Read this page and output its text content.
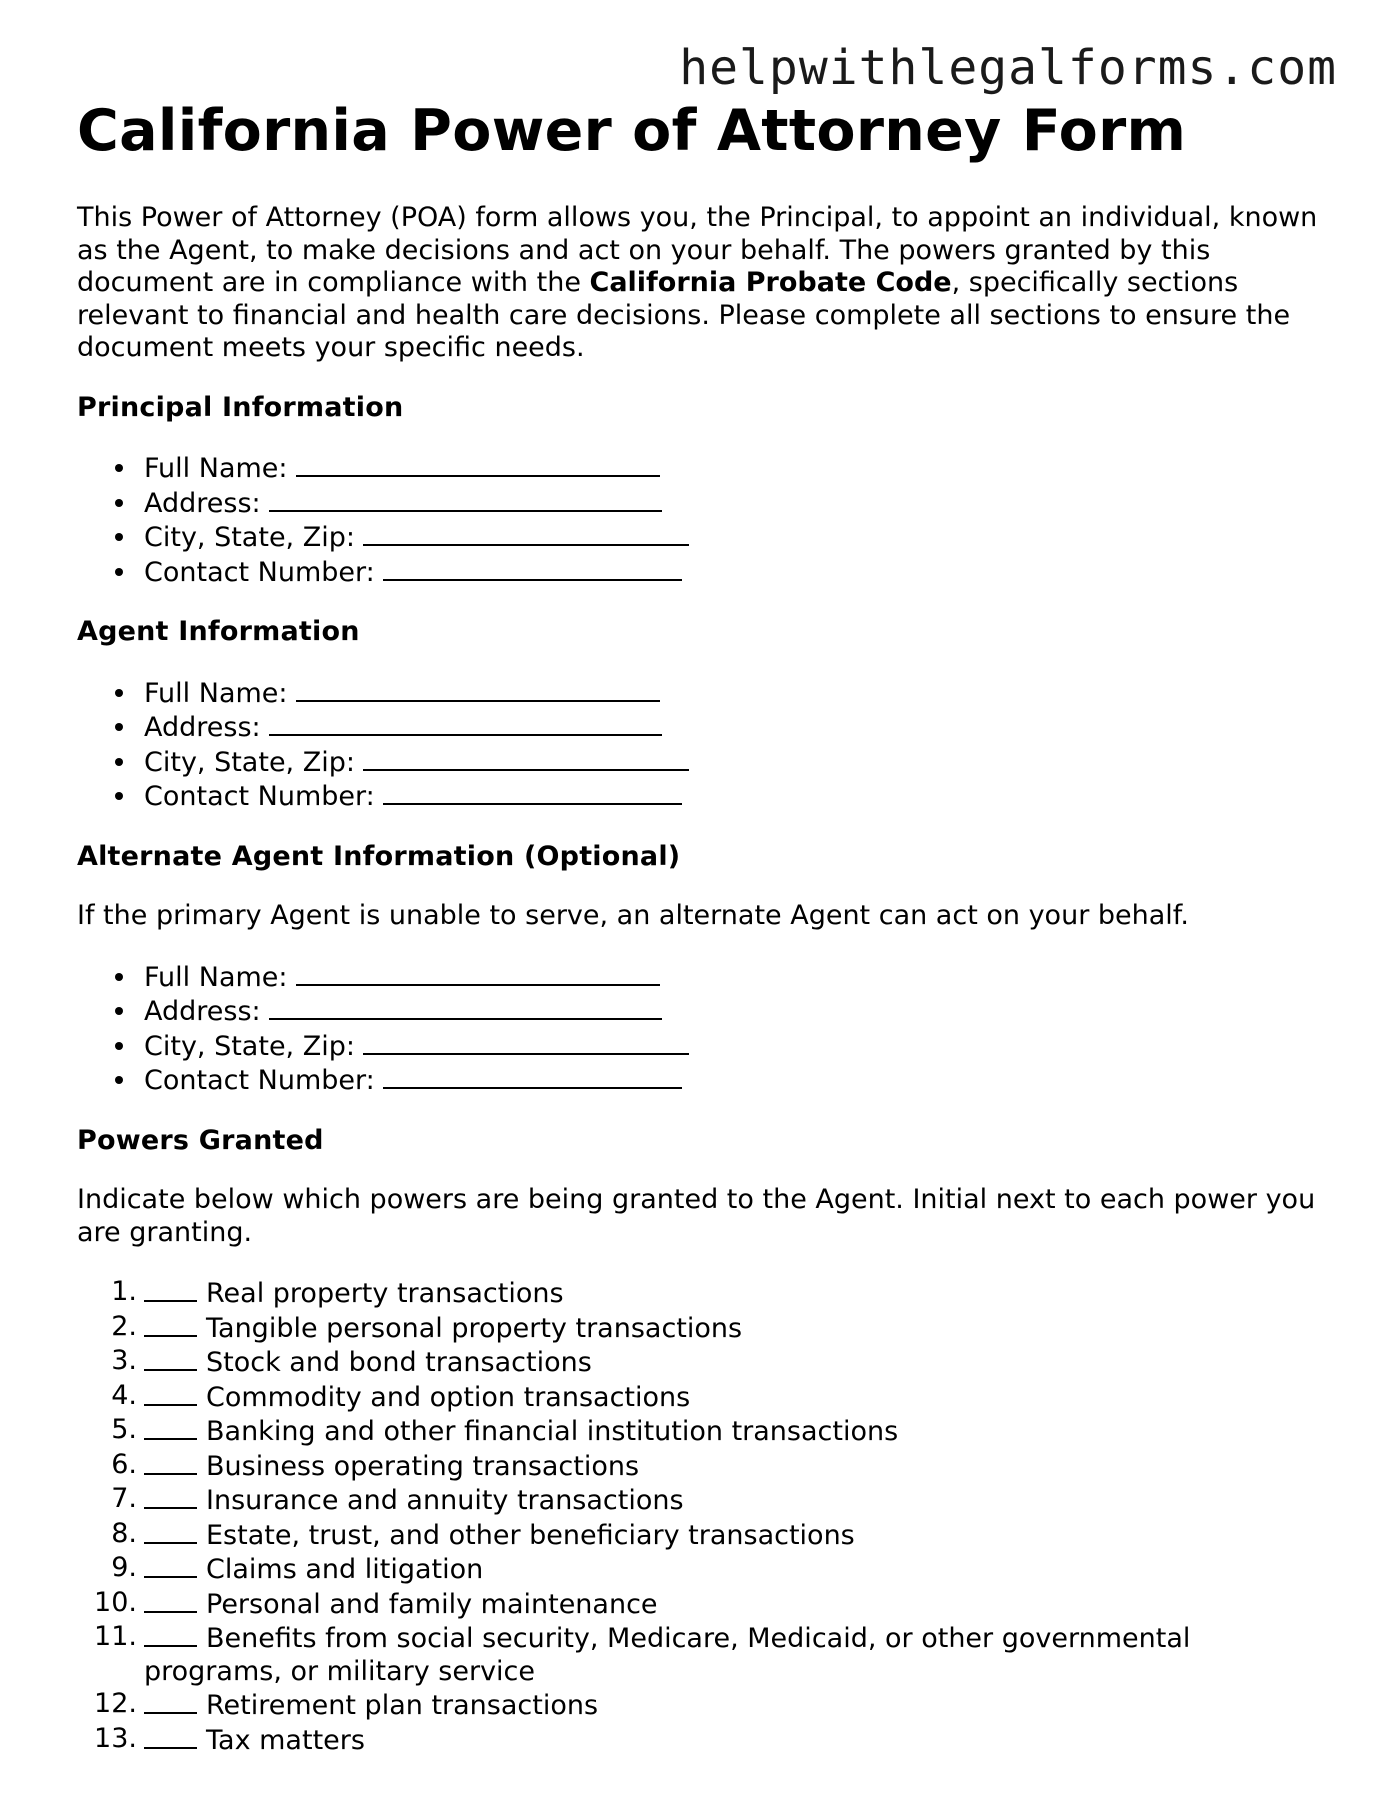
helpwithlegalforms.com
California Power of Attorney Form

This Power of Attorney (POA) form allows you, the Principal, to appoint an individual, known as the Agent, to make decisions and act on your behalf. The powers granted by this document are in compliance with the California Probate Code, specifically sections relevant to financial and health care decisions. Please complete all sections to ensure the document meets your specific needs.

Principal Information
Full Name:
Address:
City, State, Zip:
Contact Number:
Agent Information
Full Name:
Address:
City, State, Zip:
Contact Number:
Alternate Agent Information (Optional)

If the primary Agent is unable to serve, an alternate Agent can act on your behalf.

Full Name:
Address:
City, State, Zip:
Contact Number:
Powers Granted

Indicate below which powers are being granted to the Agent. Initial next to each power you are granting.

1.	Real property transactions
2.	Tangible personal property transactions
3.	Stock and bond transactions
4.	Commodity and option transactions
5.	Banking and other financial institution transactions
6.	Business operating transactions
7.	Insurance and annuity transactions
8.	Estate, trust, and other beneficiary transactions
9.	Claims and litigation
10.	Personal and family maintenance
11.	Benefits from social security, Medicare, Medicaid, or other governmental programs, or military service
12.	Retirement plan transactions
13.	Tax matters
